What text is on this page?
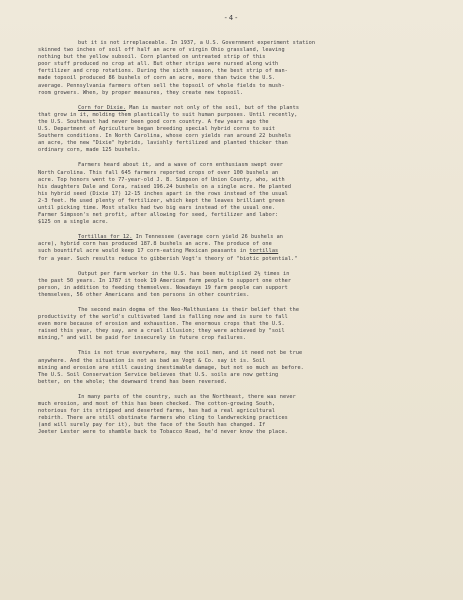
-4-
but it is not irreplaceable. In 1937, a U.S. Government experiment station
skinned two inches of soil off half an acre of virgin Ohio grassland, leaving
nothing but the yellow subsoil. Corn planted on untreated strip of this
poor stuff produced no crop at all. But other strips were nursed along with
fertilizer and crop rotations. During the sixth season, the best strip of man-
made topsoil produced 86 bushels of corn an acre, more than twice the U.S.
average. Pennsylvania farmers often sell the topsoil of whole fields to mush-
room growers. When, by proper measures, they create new topsoil.
Corn for Dixie. Man is master not only of the soil, but of the plants
that grow in it, molding them plastically to suit human purposes. Until recently,
the U.S. Southeast had never been good corn country. A few years ago the
U.S. Department of Agriculture began breeding special hybrid corns to suit
Southern conditions. In North Carolina, whose corn yields ran around 22 bushels
an acre, the new "Dixie" hybrids, lavishly fertilized and planted thicker than
ordinary corn, made 125 bushels.
Farmers heard about it, and a wave of corn enthusiasm swept over
North Carolina. This fall 645 farmers reported crops of over 100 bushels an
acre. Top honors went to 77-year-old J. B. Simpson of Union County, who, with
his daughters Dale and Cora, raised 196.24 bushels on a single acre. He planted
his hybrid seed (Dixie 17) 12-15 inches apart in the rows instead of the usual
2-3 feet. He used plenty of fertilizer, which kept the leaves brilliant green
until picking time. Most stalks had two big ears instead of the usual one.
Farmer Simpson's net profit, after allowing for seed, fertilizer and labor:
$125 on a single acre.
Tortillas for 12. In Tennessee (average corn yield 26 bushels an
acre), hybrid corn has produced 187.8 bushels an acre. The produce of one
such bountiful acre would keep 17 corn-eating Mexican peasants in tortillas
for a year. Such results reduce to gibberish Vogt's theory of "biotic potential."
Output per farm worker in the U.S. has been multiplied 2½ times in
the past 50 years. In 1787 it took 19 American farm people to support one other
person, in addition to feeding themselves. Nowadays 19 farm people can support
themselves, 56 other Americans and ten persons in other countries.
The second main dogma of the Neo-Malthusians is their belief that the
productivity of the world's cultivated land is falling now and is sure to fall
even more because of erosion and exhaustion. The enormous crops that the U.S.
raised this year, they say, are a cruel illusion; they were achieved by "soil
mining," and will be paid for insecurely in future crop failures.
This is not true everywhere, may the soil men, and it need not be true
anywhere. And the situation is not as bad as Vogt & Co. say it is. Soil
mining and erosion are still causing inestimable damage, but not so much as before.
The U.S. Soil Conservation Service believes that U.S. soils are now getting
better, on the whole; the downward trend has been reversed.
In many parts of the country, such as the Northeast, there was never
much erosion, and most of this has been checked. The cotton-growing South,
notorious for its stripped and deserted farms, has had a real agricultural
rebirth. There are still obstinate farmers who cling to landwrecking practices
(and will surely pay for it), but the face of the South has changed. If
Jeeter Lester were to shamble back to Tobacco Road, he'd never know the place.
